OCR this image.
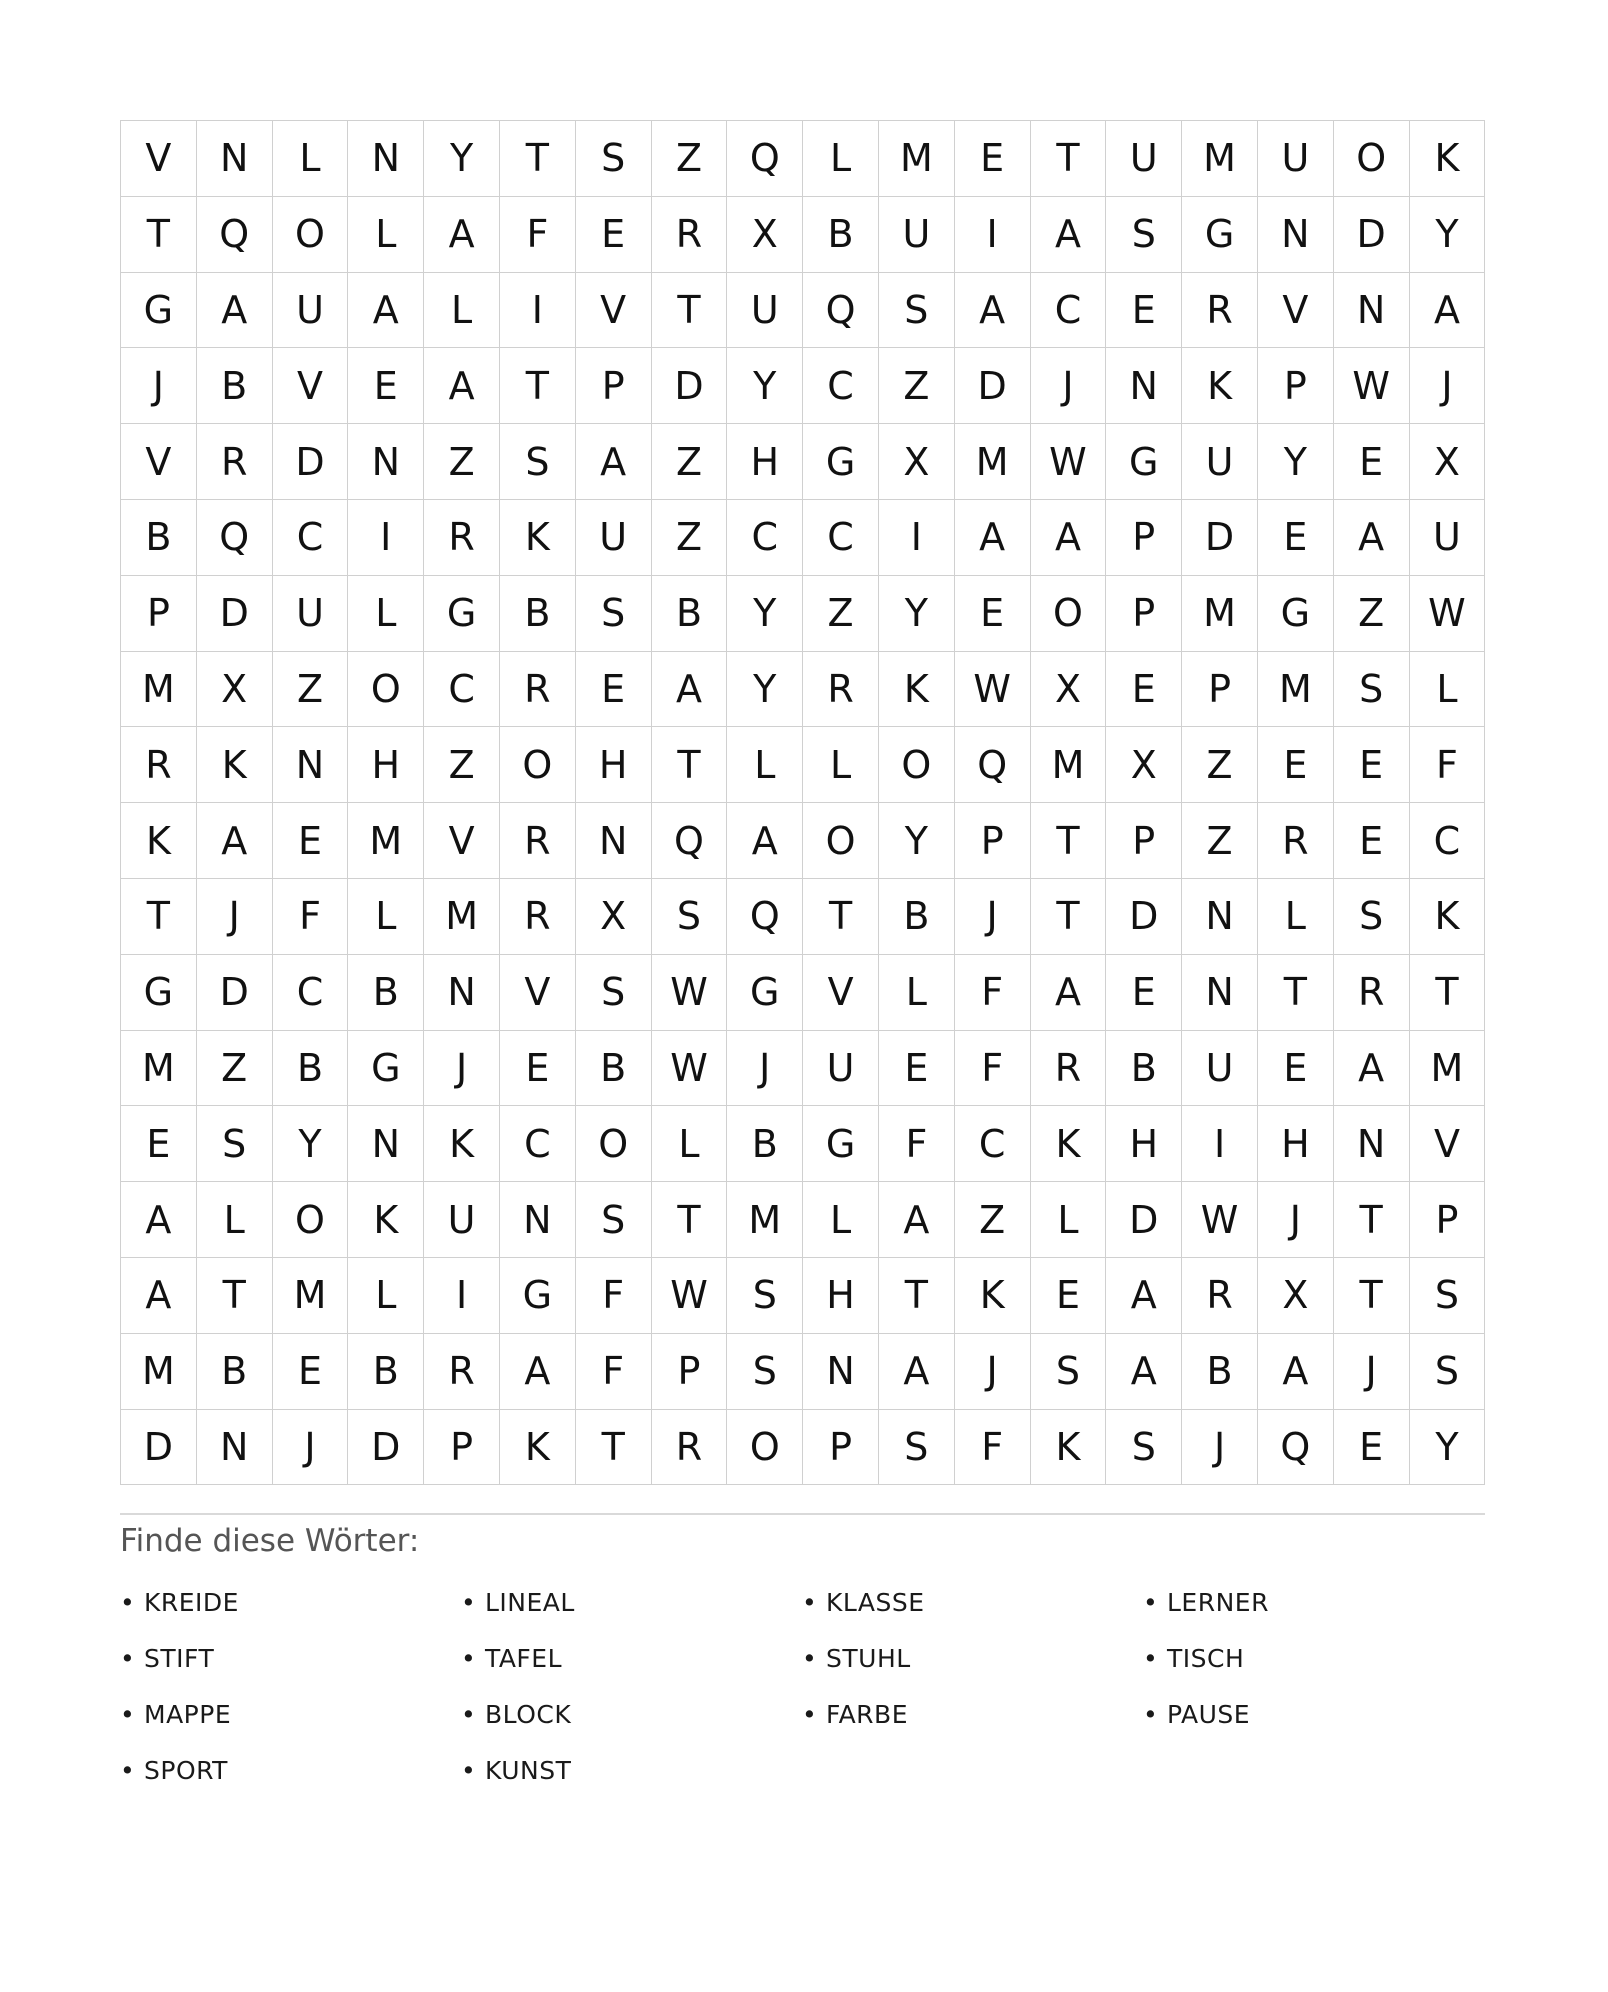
V	N	L	N	Y	T	S	Z	Q	L	M	E	T	U	M	U	O	K
T	Q	O	L	A	F	E	R	X	B	U	I	A	S	G	N	D	Y
G	A	U	A	L	I	V	T	U	Q	S	A	C	E	R	V	N	A
J	B	V	E	A	T	P	D	Y	C	Z	D	J	N	K	P	W	J
V	R	D	N	Z	S	A	Z	H	G	X	M	W	G	U	Y	E	X
B	Q	C	I	R	K	U	Z	C	C	I	A	A	P	D	E	A	U
P	D	U	L	G	B	S	B	Y	Z	Y	E	O	P	M	G	Z	W
M	X	Z	O	C	R	E	A	Y	R	K	W	X	E	P	M	S	L
R	K	N	H	Z	O	H	T	L	L	O	Q	M	X	Z	E	E	F
K	A	E	M	V	R	N	Q	A	O	Y	P	T	P	Z	R	E	C
T	J	F	L	M	R	X	S	Q	T	B	J	T	D	N	L	S	K
G	D	C	B	N	V	S	W	G	V	L	F	A	E	N	T	R	T
M	Z	B	G	J	E	B	W	J	U	E	F	R	B	U	E	A	M
E	S	Y	N	K	C	O	L	B	G	F	C	K	H	I	H	N	V
A	L	O	K	U	N	S	T	M	L	A	Z	L	D	W	J	T	P
A	T	M	L	I	G	F	W	S	H	T	K	E	A	R	X	T	S
M	B	E	B	R	A	F	P	S	N	A	J	S	A	B	A	J	S
D	N	J	D	P	K	T	R	O	P	S	F	K	S	J	Q	E	Y
Finde diese Wörter:
• KREIDE	• LINEAL	• KLASSE	• LERNER
• STIFT	• TAFEL	• STUHL	• TISCH
• MAPPE	• BLOCK	• FARBE	• PAUSE
• SPORT	• KUNST
